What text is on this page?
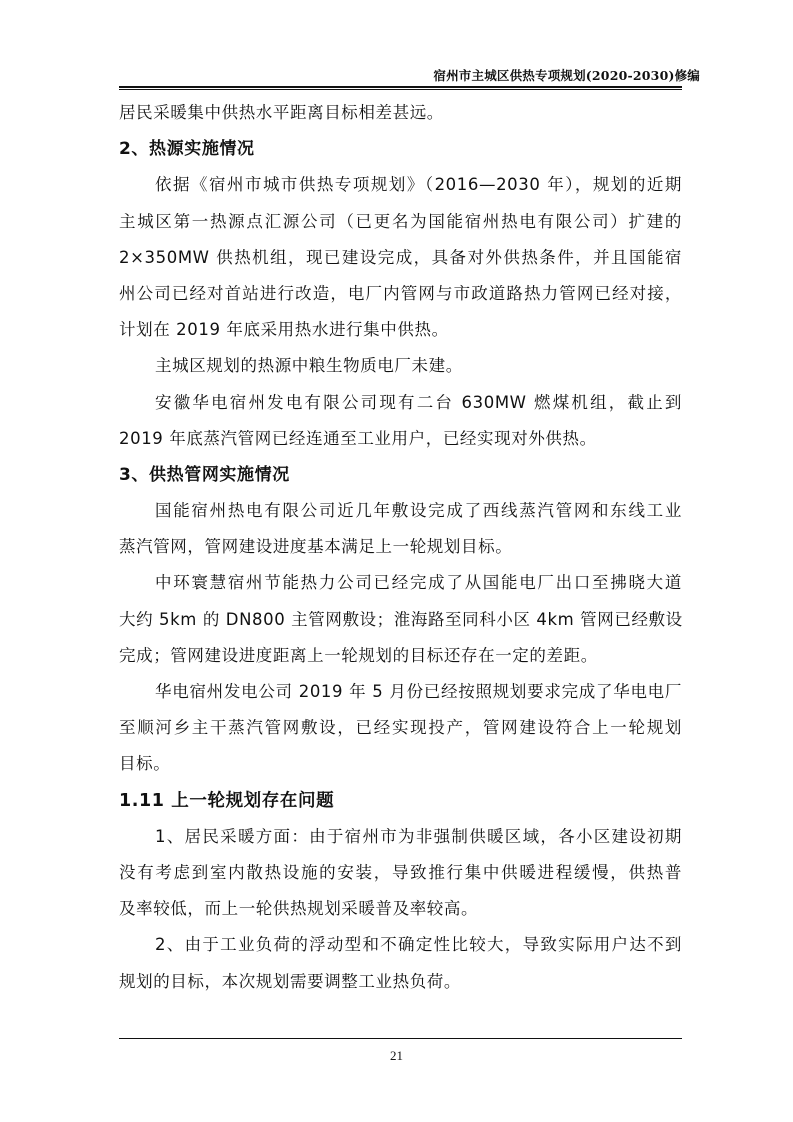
宿州市主城区供热专项规划(2020-2030)修编
居民采暖集中供热水平距离目标相差甚远。
2、热源实施情况
依据《宿州市城市供热专项规划》（2016—2030 年），规划的近期
主城区第一热源点汇源公司（已更名为国能宿州热电有限公司）扩建的
2×350MW 供热机组，现已建设完成，具备对外供热条件，并且国能宿
州公司已经对首站进行改造，电厂内管网与市政道路热力管网已经对接，
计划在 2019 年底采用热水进行集中供热。
主城区规划的热源中粮生物质电厂未建。
安徽华电宿州发电有限公司现有二台 630MW 燃煤机组，截止到
2019 年底蒸汽管网已经连通至工业用户，已经实现对外供热。
3、供热管网实施情况
国能宿州热电有限公司近几年敷设完成了西线蒸汽管网和东线工业
蒸汽管网，管网建设进度基本满足上一轮规划目标。
中环寰慧宿州节能热力公司已经完成了从国能电厂出口至拂晓大道
大约 5km 的 DN800 主管网敷设；淮海路至同科小区 4km 管网已经敷设
完成；管网建设进度距离上一轮规划的目标还存在一定的差距。
华电宿州发电公司 2019 年 5 月份已经按照规划要求完成了华电电厂
至顺河乡主干蒸汽管网敷设，已经实现投产，管网建设符合上一轮规划
目标。
1.11 上一轮规划存在问题
1、居民采暖方面：由于宿州市为非强制供暖区域，各小区建设初期
没有考虑到室内散热设施的安装，导致推行集中供暖进程缓慢，供热普
及率较低，而上一轮供热规划采暖普及率较高。
2、由于工业负荷的浮动型和不确定性比较大，导致实际用户达不到
规划的目标，本次规划需要调整工业热负荷。
21
